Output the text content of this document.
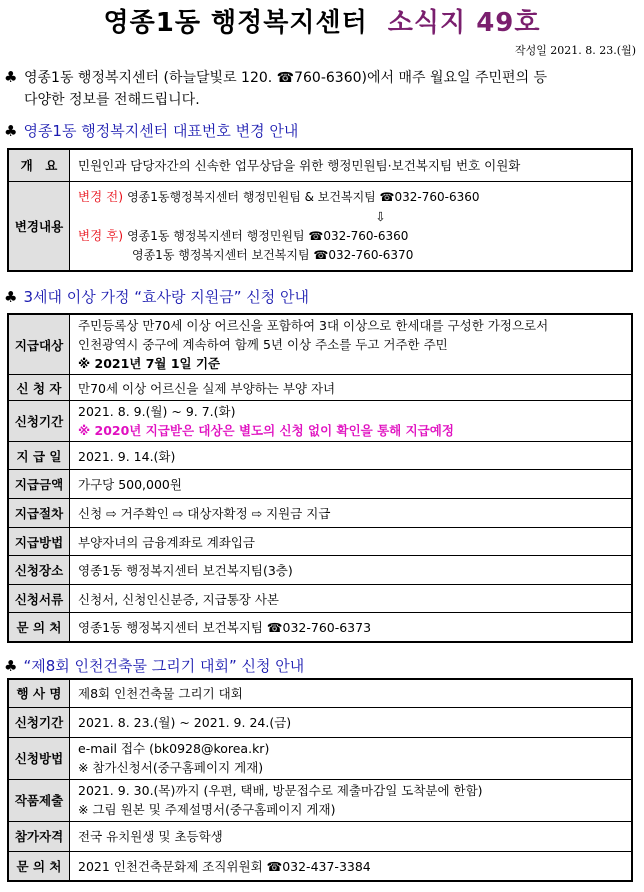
영종1동 행정복지센터 소식지 49호
작성일 2021. 8. 23.(월)
♣ 영종1동 행정복지센터 (하늘달빛로 120. ☎760-6360)에서 매주 월요일 주민편의 등
다양한 정보를 전해드립니다.
♣ 영종1동 행정복지센터 대표번호 변경 안내
개　요	민원인과 담당자간의 신속한 업무상담을 위한 행정민원팀·보건복지팀 번호 이원화
변경내용	변경 전) 영종1동행정복지센터 행정민원팀 & 보건복지팀 ☎032-760-6360
⇩
변경 후) 영종1동 행정복지센터 행정민원팀 ☎032-760-6360
영종1동 행정복지센터 보건복지팀 ☎032-760-6370
♣ 3세대 이상 가정 “효사랑 지원금” 신청 안내
지급대상	주민등록상 만70세 이상 어르신을 포함하여 3대 이상으로 한세대를 구성한 가정으로서
인천광역시 중구에 계속하여 함께 5년 이상 주소를 두고 거주한 주민
※ 2021년 7월 1일 기준

신 청 자	만70세 이상 어르신을 실제 부양하는 부양 자녀
신청기간	2021. 8. 9.(월) ~ 9. 7.(화)
※ 2020년 지급받은 대상은 별도의 신청 없이 확인을 통해 지급예정

지 급 일	2021. 9. 14.(화)
지급금액	가구당 500,000원
지급절차	신청 ⇨ 거주확인 ⇨ 대상자확정 ⇨ 지원금 지급
지급방법	부양자녀의 금융계좌로 계좌입금
신청장소	영종1동 행정복지센터 보건복지팀(3층)
신청서류	신청서, 신청인신분증, 지급통장 사본
문 의 처	영종1동 행정복지센터 보건복지팀 ☎032-760-6373
♣ “제8회 인천건축물 그리기 대회” 신청 안내
행 사 명	제8회 인천건축물 그리기 대회
신청기간	2021. 8. 23.(월) ~ 2021. 9. 24.(금)
신청방법	e-mail 접수 (bk0928@korea.kr)
※ 참가신청서(중구홈페이지 게재)

작품제출	2021. 9. 30.(목)까지 (우편, 택배, 방문접수로 제출마감일 도착분에 한함)
※ 그림 원본 및 주제설명서(중구홈페이지 게재)

참가자격	전국 유치원생 및 초등학생
문 의 처	2021 인천건축문화제 조직위원회 ☎032-437-3384
